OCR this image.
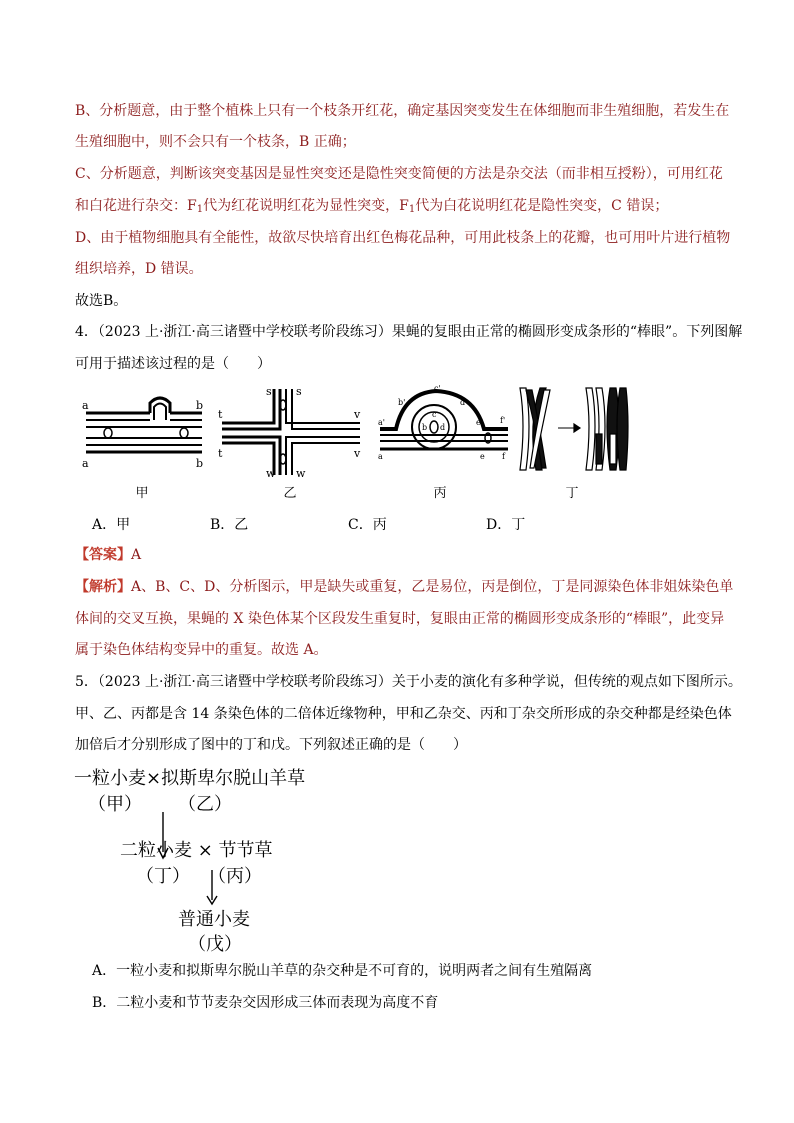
B、分析题意，由于整个植株上只有一个枝条开红花，确定基因突变发生在体细胞而非生殖细胞，若发生在
生殖细胞中，则不会只有一个枝条，B 正确；
C、分析题意，判断该突变基因是显性突变还是隐性突变简便的方法是杂交法（而非相互授粉），可用红花
和白花进行杂交：$F_1$代为红花说明红花为显性突变，$F_1$代为白花说明红花是隐性突变，C 错误；
D、由于植物细胞具有全能性，故欲尽快培育出红色梅花品种，可用此枝条上的花瓣，也可用叶片进行植物
组织培养，D 错误。
故选B。
4．（2023 上·浙江·高三诸暨中学校联考阶段练习）果蝇的复眼由正常的椭圆形变成条形的“棒眼”。下列图解
可用于描述该过程的是（　　）
a	b
a	b
s s
t	v
t	v
w w
c'
b'	d'
a'	e' f'
c
b d
a	e f
甲	乙	丙	丁
A．甲	B．乙	C．丙	D．丁
【答案】A
【解析】A、B、C、D、分析图示，甲是缺失或重复，乙是易位，丙是倒位，丁是同源染色体非姐妹染色单
体间的交叉互换，果蝇的 X 染色体某个区段发生重复时，复眼由正常的椭圆形变成条形的“棒眼”，此变异
属于染色体结构变异中的重复。故选 A。
5．（2023 上·浙江·高三诸暨中学校联考阶段练习）关于小麦的演化有多种学说，但传统的观点如下图所示。
甲、乙、丙都是含 14 条染色体的二倍体近缘物种，甲和乙杂交、丙和丁杂交所形成的杂交种都是经染色体
加倍后才分别形成了图中的丁和戊。下列叙述正确的是（　　）
一粒小麦×拟斯卑尔脱山羊草
（甲）　　　（乙）
二粒小麦 × 节节草
（丁）　　（丙）
普通小麦
（戊）
A．一粒小麦和拟斯卑尔脱山羊草的杂交种是不可育的，说明两者之间有生殖隔离
B．二粒小麦和节节麦杂交因形成三体而表现为高度不育
